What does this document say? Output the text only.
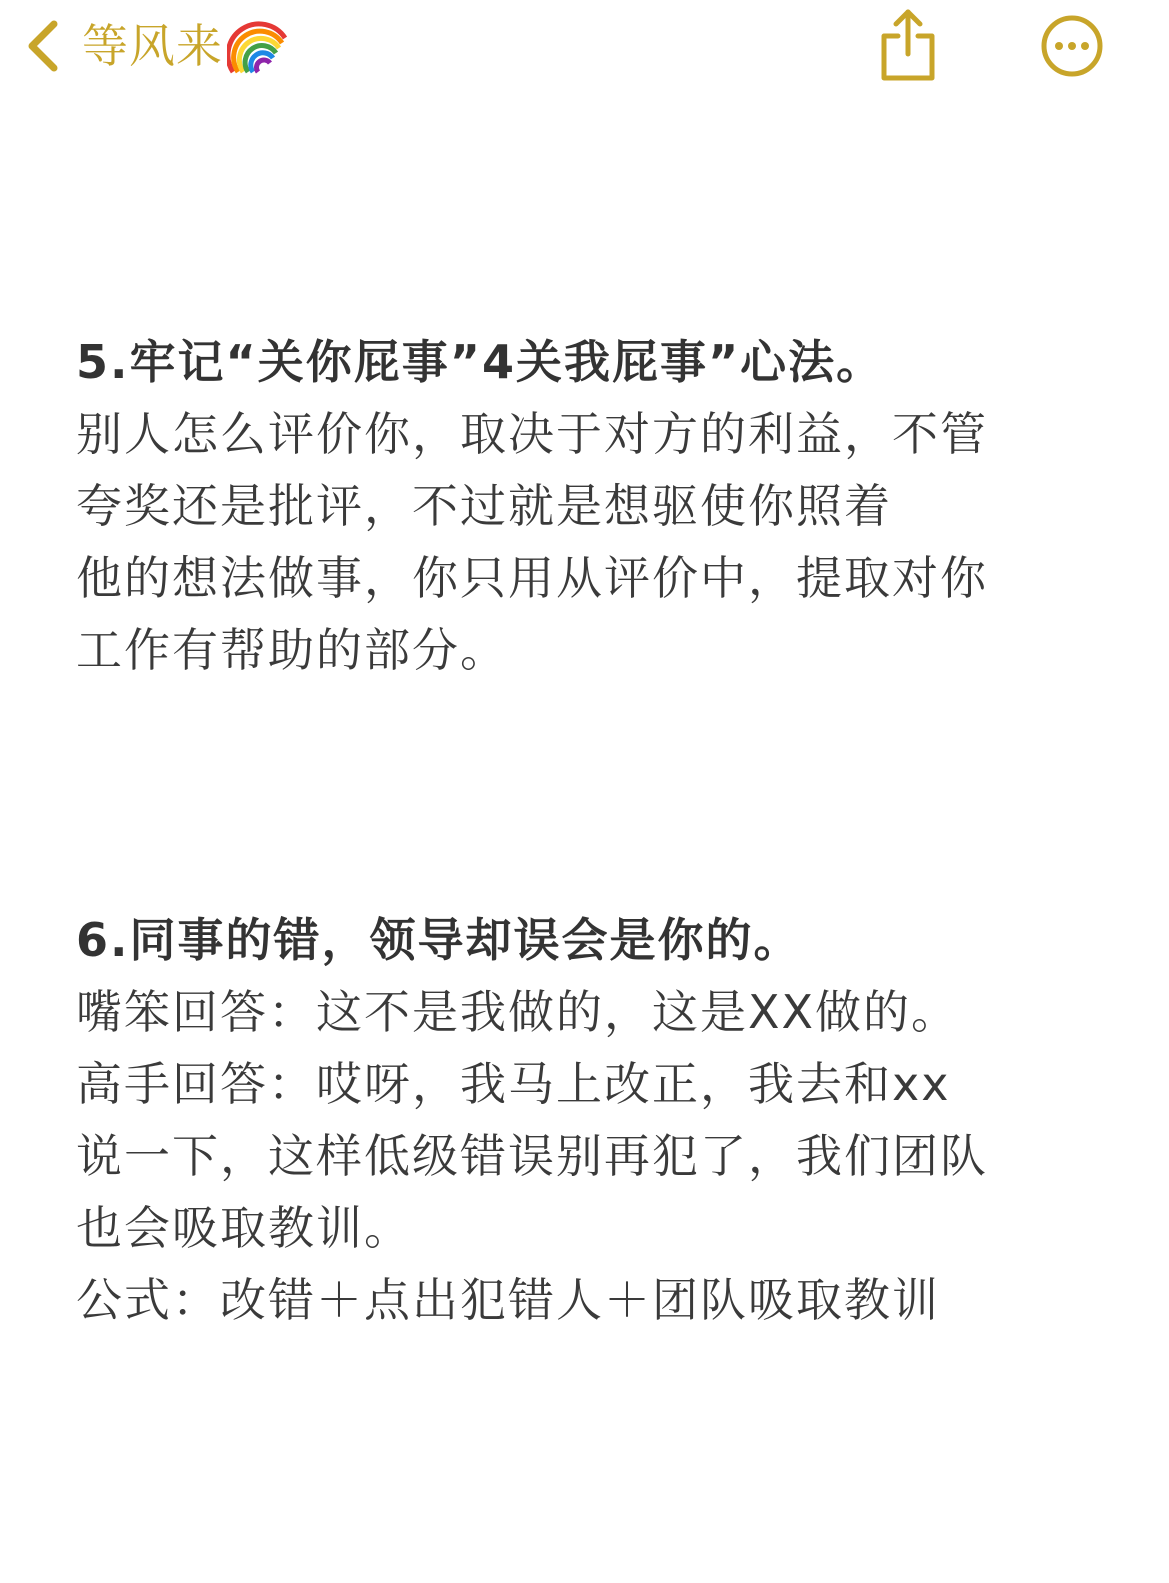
等风来
5.牢记“关你屁事”4关我屁事”心法。
别人怎么评价你，取决于对方的利益，不管
夸奖还是批评，不过就是想驱使你照着
他的想法做事，你只用从评价中，提取对你
工作有帮助的部分。
6.同事的错，领导却误会是你的。
嘴笨回答：这不是我做的，这是XX做的。
高手回答：哎呀，我马上改正，我去和xx
说一下，这样低级错误别再犯了，我们团队
也会吸取教训。
公式：改错＋点出犯错人＋团队吸取教训
